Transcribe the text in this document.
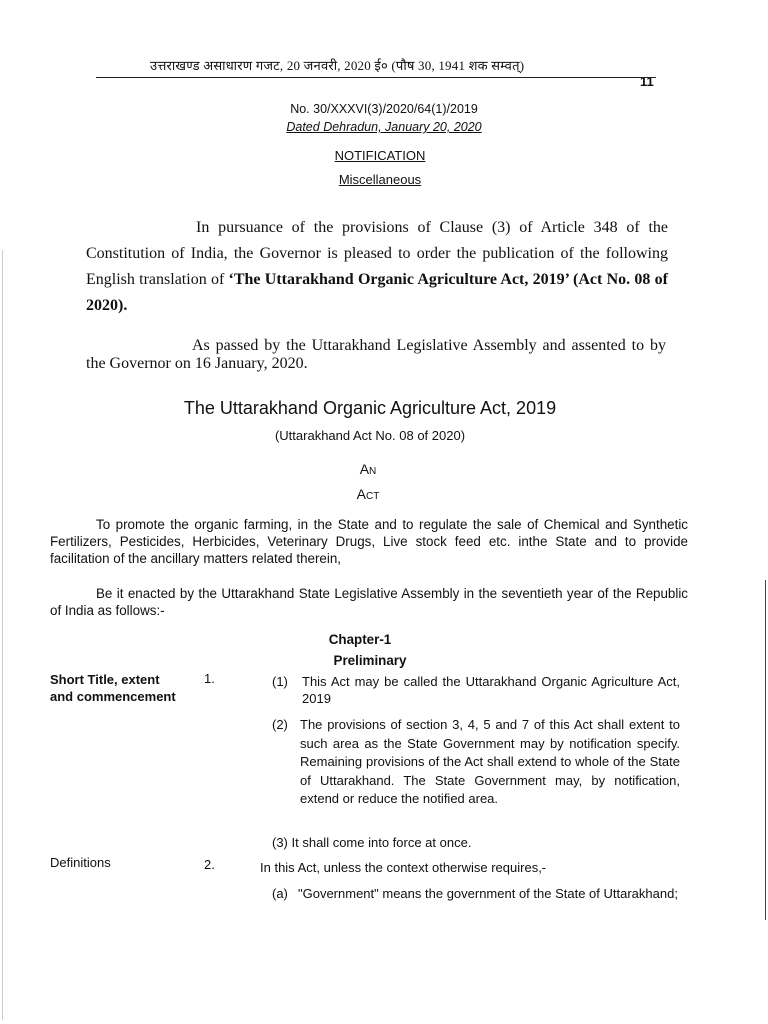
उत्तराखण्ड असाधारण गजट, 20 जनवरी, 2020 ई० (पौष 30, 1941 शक सम्वत्)
11
No. 30/XXXVI(3)/2020/64(1)/2019
Dated Dehradun, January 20, 2020
NOTIFICATION
Miscellaneous

In pursuance of the provisions of Clause (3) of Article 348 of the Constitution of India, the Governor is pleased to order the publication of the following English translation of ‘The Uttarakhand Organic Agriculture Act, 2019’ (Act No. 08 of 2020).

As passed by the Uttarakhand Legislative Assembly and assented to by the Governor on 16 January, 2020.

The Uttarakhand Organic Agriculture Act, 2019
(Uttarakhand Act No. 08 of 2020)
An
Act

To promote the organic farming, in the State and to regulate the sale of Chemical and Synthetic Fertilizers, Pesticides, Herbicides, Veterinary Drugs, Live stock feed etc. inthe State and to provide facilitation of the ancillary matters related therein,

Be it enacted by the Uttarakhand State Legislative Assembly in the seventieth year of the Republic of India as follows:-

Chapter-1
Preliminary
Short Title, extent
and commencement
1.	(1) This Act may be called the Uttarakhand Organic Agriculture Act, 2019

(2) The provisions of section 3, 4, 5 and 7 of this Act shall extent to such area as the State Government may by notification specify. Remaining provisions of the Act shall extend to whole of the State of Uttarakhand. The State Government may, by notification, extend or reduce the notified area.

(3) It shall come into force at once.
Definitions	2.	In this Act, unless the context otherwise requires,-
(a) "Government" means the government of the State of Uttarakhand;
